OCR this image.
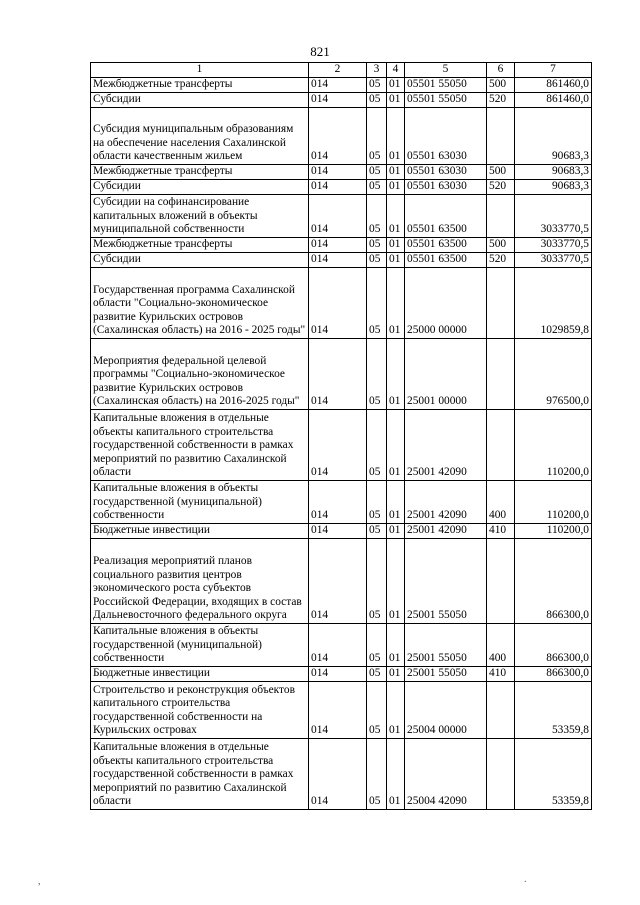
821
1	2	3	4	5	6	7
Межбюджетные трансферты	014	05	01	05501 55050	500	861460,0
Субсидии	014	05	01	05501 55050	520	861460,0
Субсидия муниципальным образованиям на обеспечение населения Сахалинской области качественным жильем	014	05	01	05501 63030		90683,3
Межбюджетные трансферты	014	05	01	05501 63030	500	90683,3
Субсидии	014	05	01	05501 63030	520	90683,3
Субсидии на софинансирование капитальных вложений в объекты муниципальной собственности	014	05	01	05501 63500		3033770,5
Межбюджетные трансферты	014	05	01	05501 63500	500	3033770,5
Субсидии	014	05	01	05501 63500	520	3033770,5
Государственная программа Сахалинской области "Социально-экономическое развитие Курильских островов (Сахалинская область) на 2016 - 2025 годы"	014	05	01	25000 00000		1029859,8
Мероприятия федеральной целевой программы "Социально-экономическое развитие Курильских островов (Сахалинская область) на 2016-2025 годы"	014	05	01	25001 00000		976500,0
Капитальные вложения в отдельные объекты капитального строительства государственной собственности в рамках мероприятий по развитию Сахалинской области	014	05	01	25001 42090		110200,0
Капитальные вложения в объекты государственной (муниципальной) собственности	014	05	01	25001 42090	400	110200,0
Бюджетные инвестиции	014	05	01	25001 42090	410	110200,0
Реализация мероприятий планов социального развития центров экономического роста субъектов Российской Федерации, входящих в состав Дальневосточного федерального округа	014	05	01	25001 55050		866300,0
Капитальные вложения в объекты государственной (муниципальной) собственности	014	05	01	25001 55050	400	866300,0
Бюджетные инвестиции	014	05	01	25001 55050	410	866300,0
Строительство и реконструкция объектов капитального строительства государственной собственности на Курильских островах	014	05	01	25004 00000		53359,8
Капитальные вложения в отдельные объекты капитального строительства государственной собственности в рамках мероприятий по развитию Сахалинской области	014	05	01	25004 42090		53359,8
,	.
